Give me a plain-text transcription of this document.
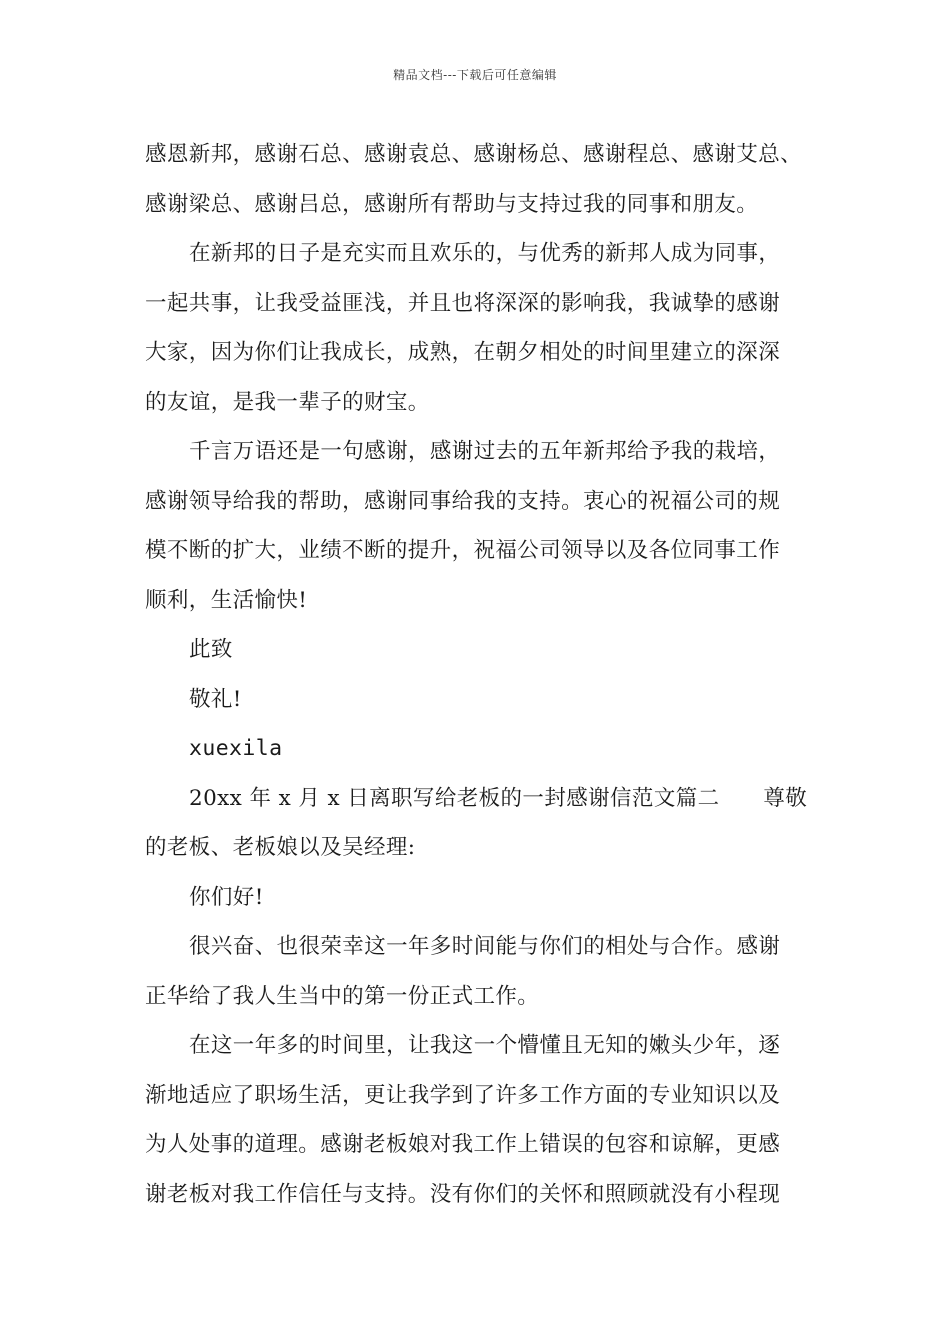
精品文档---下载后可任意编辑
感恩新邦，感谢石总、感谢袁总、感谢杨总、感谢程总、感谢艾总、
感谢梁总、感谢吕总，感谢所有帮助与支持过我的同事和朋友。
在新邦的日子是充实而且欢乐的，与优秀的新邦人成为同事，
一起共事，让我受益匪浅，并且也将深深的影响我，我诚挚的感谢
大家，因为你们让我成长，成熟，在朝夕相处的时间里建立的深深
的友谊，是我一辈子的财宝。
千言万语还是一句感谢，感谢过去的五年新邦给予我的栽培，
感谢领导给我的帮助，感谢同事给我的支持。衷心的祝福公司的规
模不断的扩大，业绩不断的提升，祝福公司领导以及各位同事工作
顺利，生活愉快!
此致
敬礼!
xuexila
20xx 年 x 月 x 日离职写给老板的一封感谢信范文篇二　　尊敬
的老板、老板娘以及吴经理:
你们好!
很兴奋、也很荣幸这一年多时间能与你们的相处与合作。感谢
正华给了我人生当中的第一份正式工作。
在这一年多的时间里，让我这一个懵懂且无知的嫩头少年，逐
渐地适应了职场生活，更让我学到了许多工作方面的专业知识以及
为人处事的道理。感谢老板娘对我工作上错误的包容和谅解，更感
谢老板对我工作信任与支持。没有你们的关怀和照顾就没有小程现
